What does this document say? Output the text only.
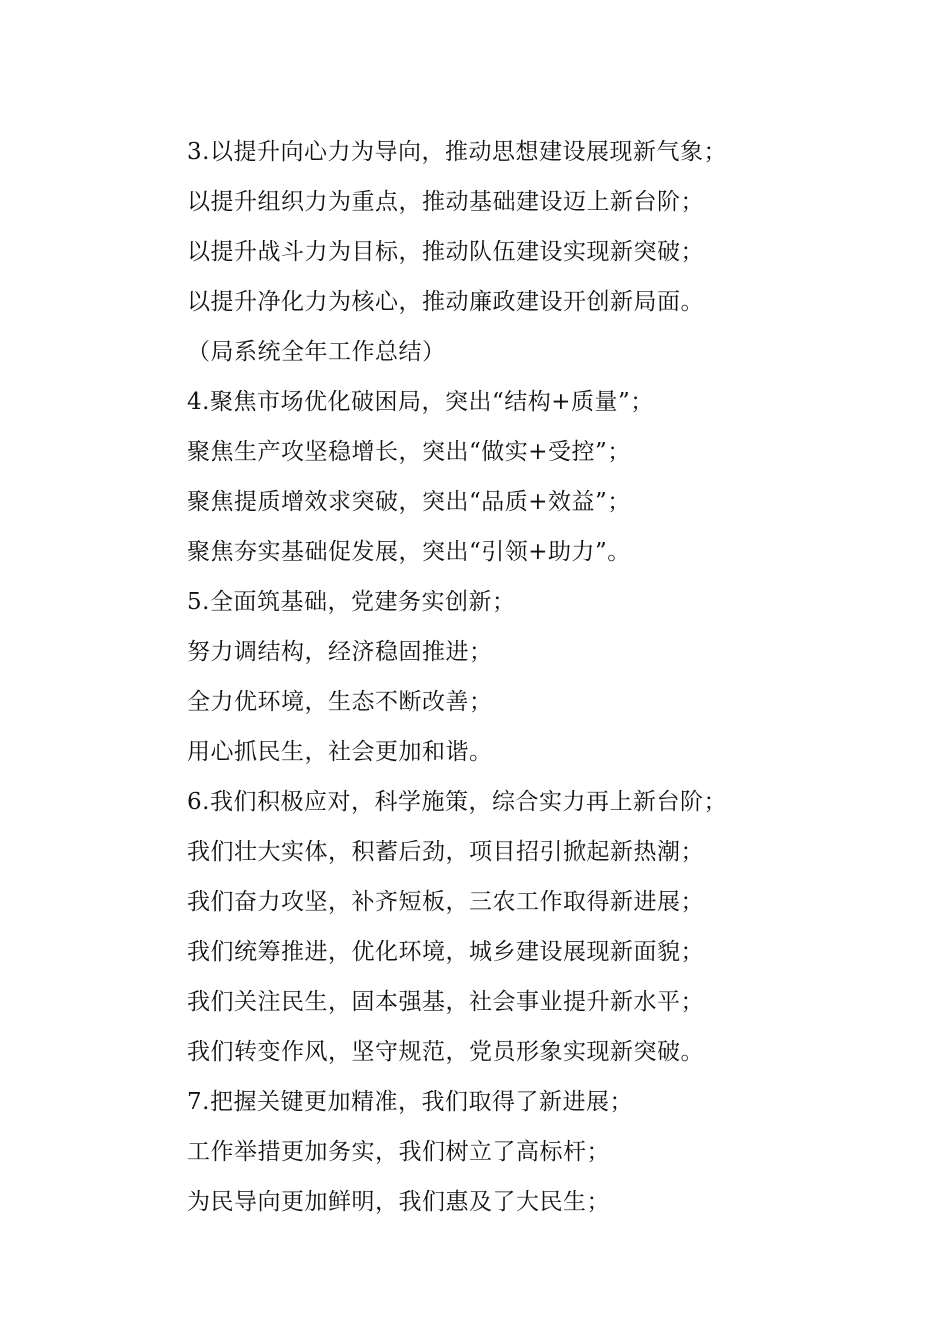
3.以提升向心力为导向，推动思想建设展现新气象；
以提升组织力为重点，推动基础建设迈上新台阶；
以提升战斗力为目标，推动队伍建设实现新突破；
以提升净化力为核心，推动廉政建设开创新局面。
（局系统全年工作总结）
4.聚焦市场优化破困局，突出“结构+质量”；
聚焦生产攻坚稳增长，突出“做实+受控”；
聚焦提质增效求突破，突出“品质+效益”；
聚焦夯实基础促发展，突出“引领+助力”。
5.全面筑基础，党建务实创新；
努力调结构，经济稳固推进；
全力优环境，生态不断改善；
用心抓民生，社会更加和谐。
6.我们积极应对，科学施策，综合实力再上新台阶；
我们壮大实体，积蓄后劲，项目招引掀起新热潮；
我们奋力攻坚，补齐短板，三农工作取得新进展；
我们统筹推进，优化环境，城乡建设展现新面貌；
我们关注民生，固本强基，社会事业提升新水平；
我们转变作风，坚守规范，党员形象实现新突破。
7.把握关键更加精准，我们取得了新进展；
工作举措更加务实，我们树立了高标杆；
为民导向更加鲜明，我们惠及了大民生；
